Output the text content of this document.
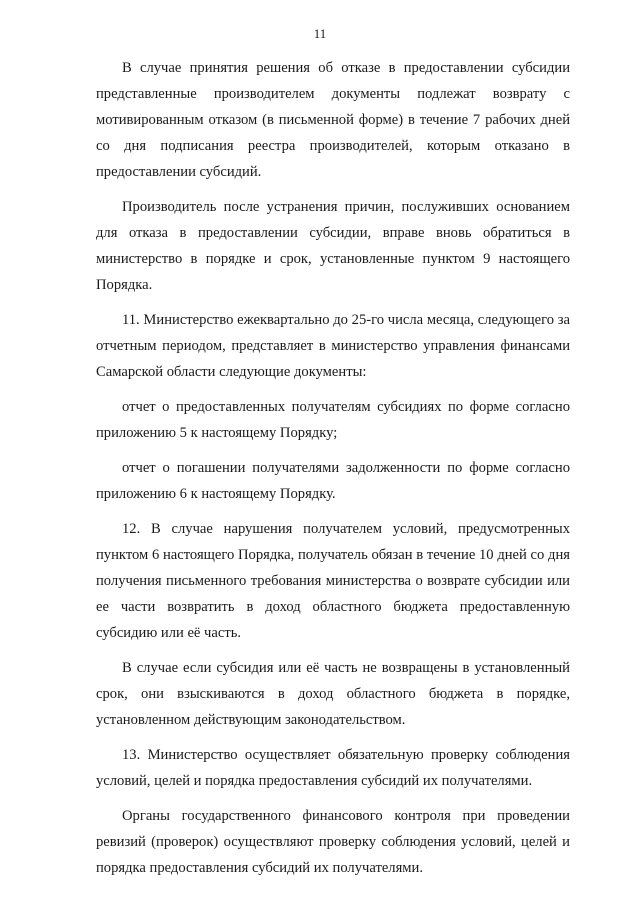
11

В случае принятия решения об отказе в предоставлении субсидии представленные производителем документы подлежат возврату с мотивированным отказом (в письменной форме) в течение 7 рабочих дней со дня подписания реестра производителей, которым отказано в предоставлении субсидий.

Производитель после устранения причин, послуживших основанием для отказа в предоставлении субсидии, вправе вновь обратиться в министерство в порядке и срок, установленные пунктом 9 настоящего Порядка.

11. Министерство ежеквартально до 25-го числа месяца, следующего за отчетным периодом, представляет в министерство управления финансами Самарской области следующие документы:

отчет о предоставленных получателям субсидиях по форме согласно приложению 5 к настоящему Порядку;

отчет о погашении получателями задолженности по форме согласно приложению 6 к настоящему Порядку.

12. В случае нарушения получателем условий, предусмотренных пунктом 6 настоящего Порядка, получатель обязан в течение 10 дней со дня получения письменного требования министерства о возврате субсидии или ее части возвратить в доход областного бюджета предоставленную субсидию или её часть.

В случае если субсидия или её часть не возвращены в установленный срок, они взыскиваются в доход областного бюджета в порядке, установленном действующим законодательством.

13. Министерство осуществляет обязательную проверку соблюдения условий, целей и порядка предоставления субсидий их получателями.

Органы государственного финансового контроля при проведении ревизий (проверок) осуществляют проверку соблюдения условий, целей и порядка предоставления субсидий их получателями.
